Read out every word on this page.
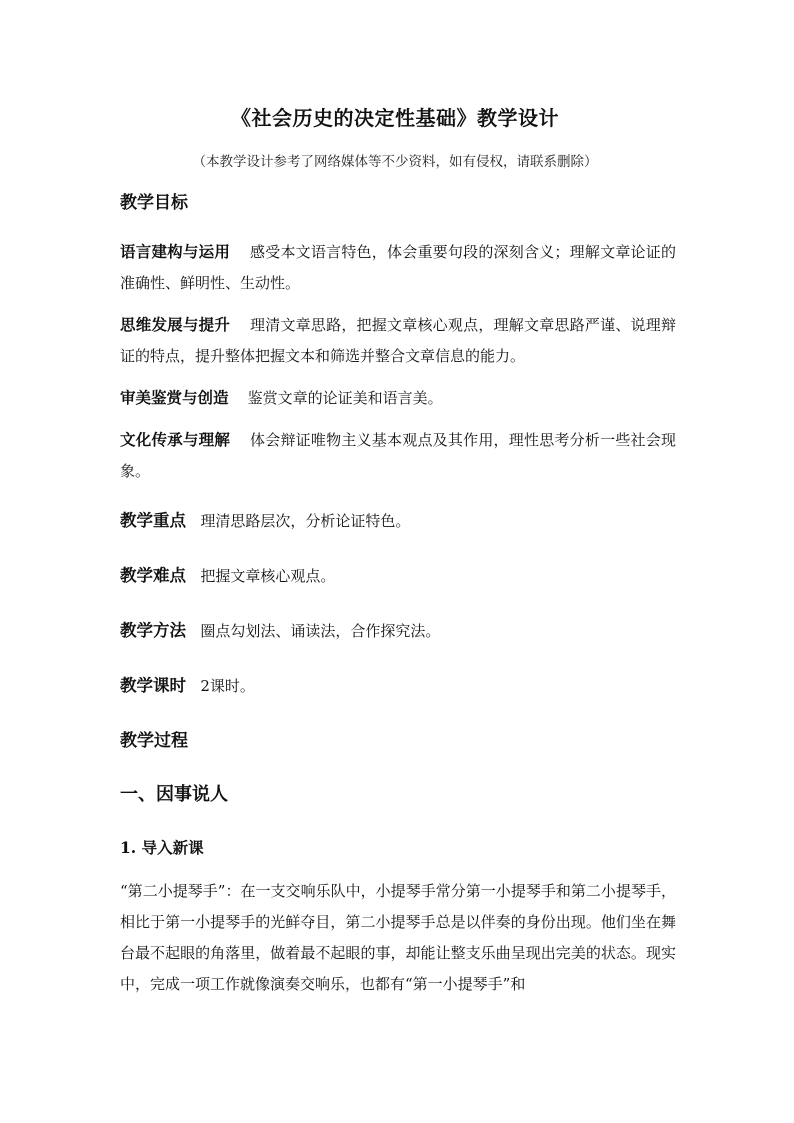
《社会历史的决定性基础》教学设计
（本教学设计参考了网络媒体等不少资料，如有侵权，请联系删除）
教学目标

语言建构与运用 感受本文语言特色，体会重要句段的深刻含义；理解文章论证的准确性、鲜明性、生动性。

思维发展与提升 理清文章思路，把握文章核心观点，理解文章思路严谨、说理辩证的特点，提升整体把握文本和筛选并整合文章信息的能力。

审美鉴赏与创造 鉴赏文章的论证美和语言美。

文化传承与理解 体会辩证唯物主义基本观点及其作用，理性思考分析一些社会现象。

教学重点 理清思路层次，分析论证特色。

教学难点 把握文章核心观点。

教学方法 圈点勾划法、诵读法，合作探究法。

教学课时 2课时。

教学过程
一、因事说人
1. 导入新课

“第二小提琴手”：在一支交响乐队中，小提琴手常分第一小提琴手和第二小提琴手，相比于第一小提琴手的光鲜夺目，第二小提琴手总是以伴奏的身份出现。他们坐在舞台最不起眼的角落里，做着最不起眼的事，却能让整支乐曲呈现出完美的状态。现实中，完成一项工作就像演奏交响乐，也都有“第一小提琴手”和
